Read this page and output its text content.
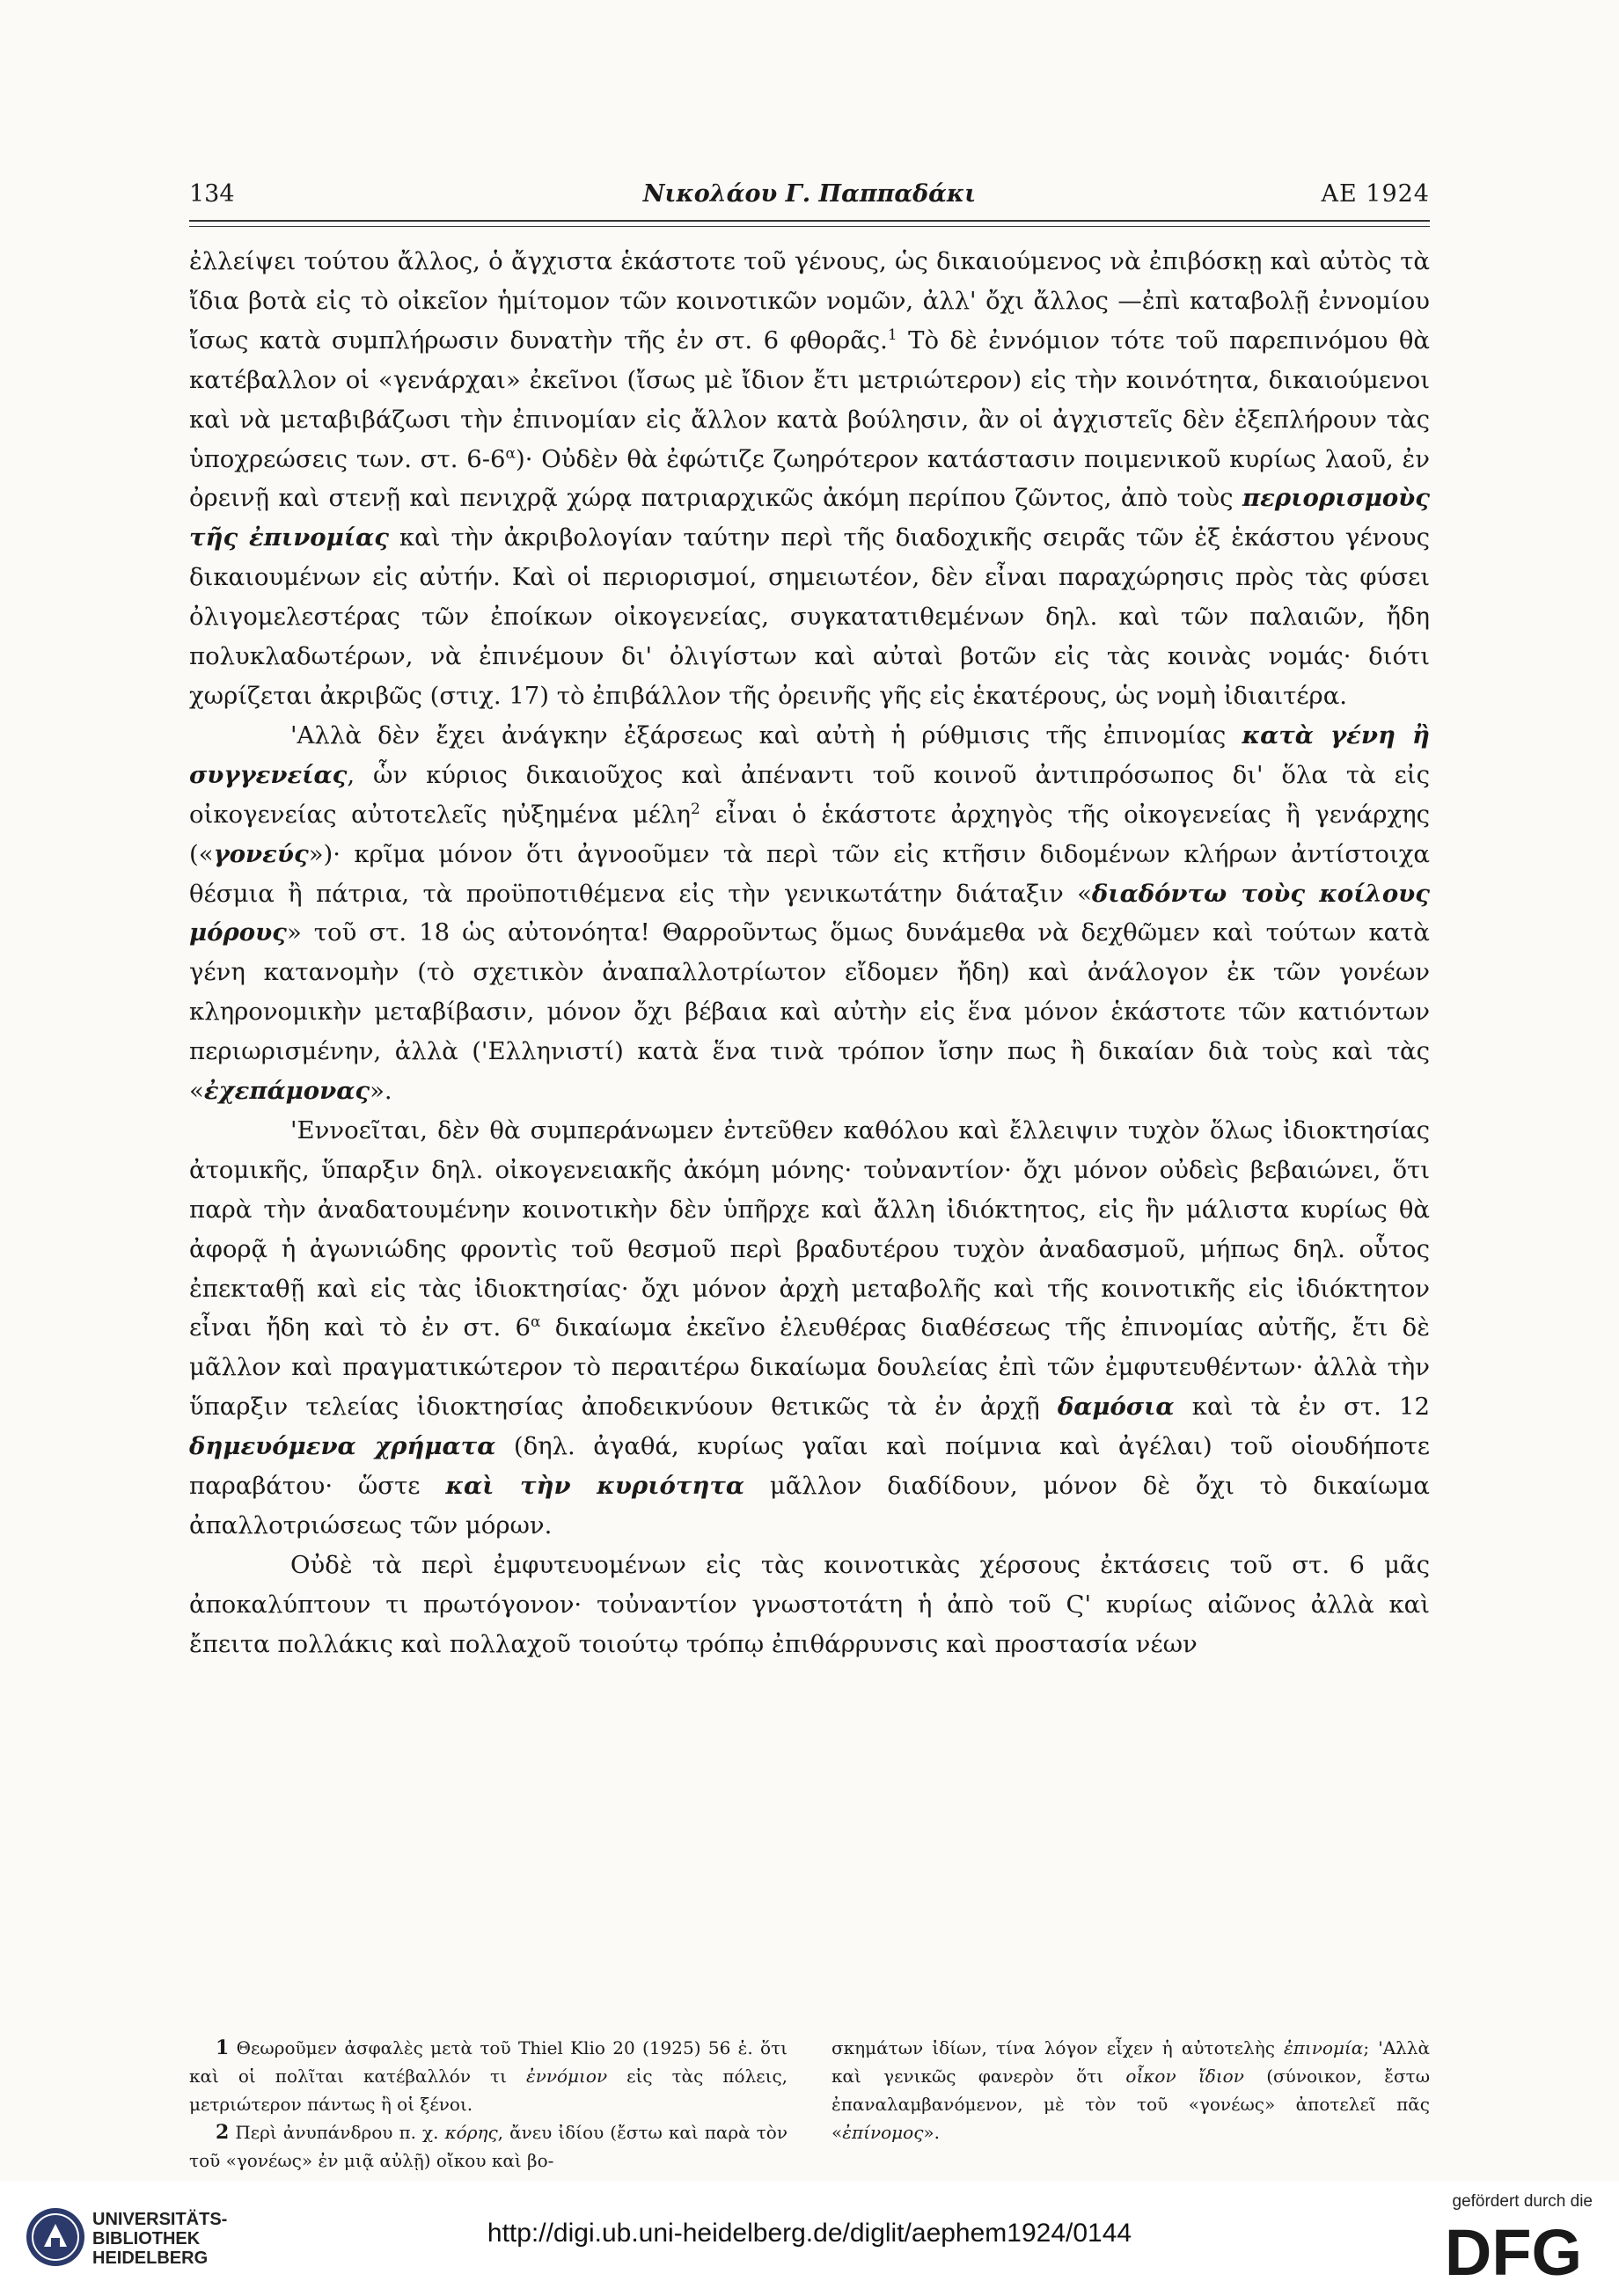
134	Νικολάου Γ. Παππαδάκι	ΑΕ 1924

ἐλλείψει τούτου ἄλλος, ὁ ἄγχιστα ἑκάστοτε τοῦ γένους, ὡς δικαιούμενος νὰ ἐπιβόσκῃ καὶ αὐτὸς τὰ ἴδια βοτὰ εἰς τὸ οἰκεῖον ἡμίτομον τῶν κοινοτικῶν νομῶν, ἀλλ' ὄχι ἄλλος —ἐπὶ καταβολῇ ἐννομίου ἴσως κατὰ συμπλήρωσιν δυνατὴν τῆς ἐν στ. 6 φθορᾶς.$^1$ Τὸ δὲ ἐννόμιον τότε τοῦ παρεπινόμου θὰ κατέβαλλον οἱ «γενάρχαι» ἐκεῖνοι (ἴσως μὲ ἴδιον ἔτι μετριώτερον) εἰς τὴν κοινότητα, δικαιούμενοι καὶ νὰ μεταβιβάζωσι τὴν ἐπινομίαν εἰς ἄλλον κατὰ βούλησιν, ἂν οἱ ἀγχιστεῖς δὲν ἐξεπλήρουν τὰς ὑποχρεώσεις των. στ. $6-6^\alpha)\cdot$ Οὐδὲν θὰ ἐφώτιζε ζωηρότερον κατάστασιν ποιμενικοῦ κυρίως λαοῦ, ἐν ὀρεινῇ καὶ στενῇ καὶ πενιχρᾷ χώρᾳ πατριαρχικῶς ἀκόμη περίπου ζῶντος, ἀπὸ τοὺς περιορισμοὺς τῆς ἐπινομίας καὶ τὴν ἀκριβολογίαν ταύτην περὶ τῆς διαδοχικῆς σειρᾶς τῶν ἐξ ἑκάστου γένους δικαιουμένων εἰς αὐτήν. Καὶ οἱ περιορισμοί, σημειωτέον, δὲν εἶναι παραχώρησις πρὸς τὰς φύσει ὀλιγομελεστέρας τῶν ἐποίκων οἰκογενείας, συγκατατιθεμένων δηλ. καὶ τῶν παλαιῶν, ἤδη πολυκλαδωτέρων, νὰ ἐπινέμουν δι' ὀλιγίστων καὶ αὐταὶ βοτῶν εἰς τὰς κοινὰς νομάς· διότι χωρίζεται ἀκριβῶς (στιχ. 17) τὸ ἐπιβάλλον τῆς ὀρεινῆς γῆς εἰς ἑκατέρους, ὡς νομὴ ἰδιαιτέρα.

'Αλλὰ δὲν ἔχει ἀνάγκην ἐξάρσεως καὶ αὐτὴ ἡ ρύθμισις τῆς ἐπινομίας κατὰ γένη ἢ συγγενείας, ὧν κύριος δικαιοῦχος καὶ ἀπέναντι τοῦ κοινοῦ ἀντιπρόσωπος δι' ὅλα τὰ εἰς οἰκογενείας αὐτοτελεῖς ηὐξημένα μέλη$^2$ εἶναι ὁ ἑκάστοτε ἀρχηγὸς τῆς οἰκογενείας ἢ γενάρχης («γονεύς»)· κρῖμα μόνον ὅτι ἀγνοοῦμεν τὰ περὶ τῶν εἰς κτῆσιν διδομένων κλήρων ἀντίστοιχα θέσμια ἢ πάτρια, τὰ προϋποτιθέμενα εἰς τὴν γενικωτάτην διάταξιν «διαδόντω τοὺς κοίλους μόρους» τοῦ στ. 18 ὡς αὐτονόητα! Θαρροῦντως ὅμως δυνάμεθα νὰ δεχθῶμεν καὶ τούτων κατὰ γένη κατανομὴν (τὸ σχετικὸν ἀναπαλλοτρίωτον εἴδομεν ἤδη) καὶ ἀνάλογον ἐκ τῶν γονέων κληρονομικὴν μεταβίβασιν, μόνον ὄχι βέβαια καὶ αὐτὴν εἰς ἕνα μόνον ἑκάστοτε τῶν κατιόντων περιωρισμένην, ἀλλὰ ('Ελληνιστί) κατὰ ἕνα τινὰ τρόπον ἴσην πως ἢ δικαίαν διὰ τοὺς καὶ τὰς «ἐχεπάμονας».

'Εννοεῖται, δὲν θὰ συμπεράνωμεν ἐντεῦθεν καθόλου καὶ ἔλλειψιν τυχὸν ὅλως ἰδιοκτησίας ἀτομικῆς, ὕπαρξιν δηλ. οἰκογενειακῆς ἀκόμη μόνης· τοὐναντίον· ὄχι μόνον οὐδεὶς βεβαιώνει, ὅτι παρὰ τὴν ἀναδατουμένην κοινοτικὴν δὲν ὑπῆρχε καὶ ἄλλη ἰδιόκτητος, εἰς ἣν μάλιστα κυρίως θὰ ἀφορᾷ ἡ ἀγωνιώδης φροντὶς τοῦ θεσμοῦ περὶ βραδυτέρου τυχὸν ἀναδασμοῦ, μήπως δηλ. οὗτος ἐπεκταθῇ καὶ εἰς τὰς ἰδιοκτησίας· ὄχι μόνον ἀρχὴ μεταβολῆς καὶ τῆς κοινοτικῆς εἰς ἰδιόκτητον εἶναι ἤδη καὶ τὸ ἐν στ. $6^\alpha$ δικαίωμα ἐκεῖνο ἐλευθέρας διαθέσεως τῆς ἐπινομίας αὐτῆς, ἔτι δὲ μᾶλλον καὶ πραγματικώτερον τὸ περαιτέρω δικαίωμα δουλείας ἐπὶ τῶν ἐμφυτευθέντων· ἀλλὰ τὴν ὕπαρξιν τελείας ἰδιοκτησίας ἀποδεικνύουν θετικῶς τὰ ἐν ἀρχῇ δαμόσια καὶ τὰ ἐν στ. 12 δημευόμενα χρήματα (δηλ. ἀγαθά, κυρίως γαῖαι καὶ ποίμνια καὶ ἀγέλαι) τοῦ οἱουδήποτε παραβάτου· ὥστε καὶ τὴν κυριότητα μᾶλλον διαδίδουν, μόνον δὲ ὄχι τὸ δικαίωμα ἀπαλλοτριώσεως τῶν μόρων.

Οὐδὲ τὰ περὶ ἐμφυτευομένων εἰς τὰς κοινοτικὰς χέρσους ἐκτάσεις τοῦ στ. 6 μᾶς ἀποκαλύπτουν τι πρωτόγονον· τοὐναντίον γνωστοτάτη ἡ ἀπὸ τοῦ Ϛ' κυρίως αἰῶνος ἀλλὰ καὶ ἔπειτα πολλάκις καὶ πολλαχοῦ τοιούτῳ τρόπῳ ἐπιθάρρυνσις καὶ προστασία νέων

1 Θεωροῦμεν ἀσφαλὲς μετὰ τοῦ Thiel Klio 20 (1925) 56 ἑ. ὅτι καὶ οἱ πολῖται κατέβαλλόν τι ἐννόμιον εἰς τὰς πόλεις, μετριώτερον πάντως ἢ οἱ ξένοι.

2 Περὶ ἀνυπάνδρου π. χ. κόρης, ἄνευ ἰδίου (ἔστω καὶ παρὰ τὸν τοῦ «γονέως» ἐν μιᾷ αὐλῇ) οἴκου καὶ βο-

σκημάτων ἰδίων, τίνα λόγον εἶχεν ἡ αὐτοτελὴς ἐπινομία; 'Αλλὰ καὶ γενικῶς φανερὸν ὅτι οἶκον ἴδιον (σύνοικον, ἔστω ἐπαναλαμβανόμενον, μὲ τὸν τοῦ «γονέως» ἀποτελεῖ πᾶς «ἐπίνομος».

UNIVERSITÄTS-
BIBLIOTHEK
HEIDELBERG
http://digi.ub.uni-heidelberg.de/diglit/aephem1924/0144
gefördert durch die
DFG
